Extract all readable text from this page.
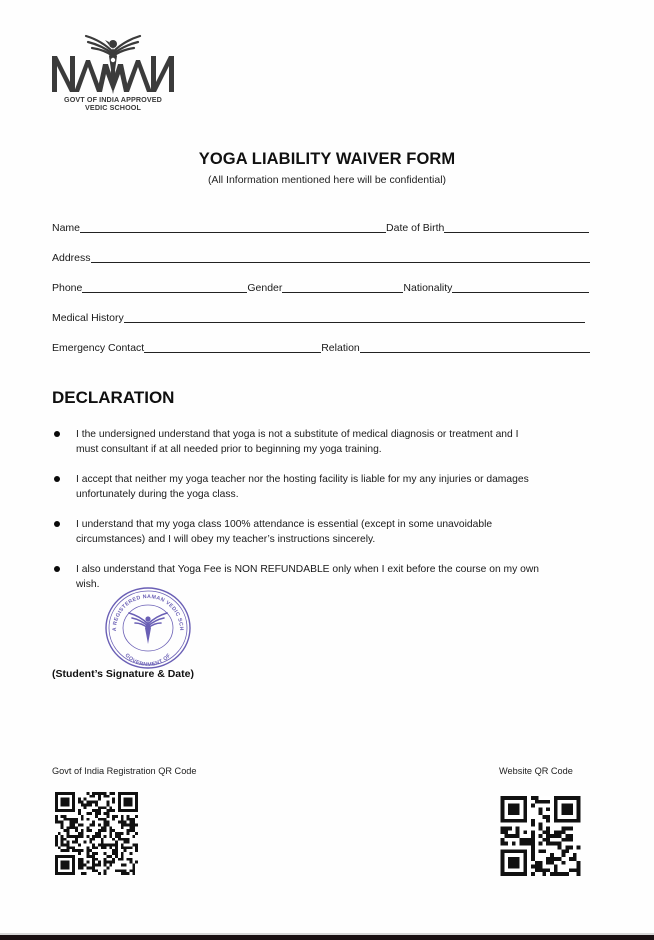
GOVT OF INDIA APPROVED
VEDIC SCHOOL
YOGA LIABILITY WAIVER FORM
(All Information mentioned here will be confidential)
Name	Date of Birth
Address
Phone	Gender	Nationality
Medical History
Emergency Contact	Relation
DECLARATION
I the undersigned understand that yoga is not a substitute of medical diagnosis or treatment and I
must consultant if at all needed prior to beginning my yoga training.
I accept that neither my yoga teacher nor the hosting facility is liable for my any injuries or damages
unfortunately during the yoga class.
I understand that my yoga class 100% attendance is essential (except in some unavoidable
circumstances) and I will obey my teacher’s instructions sincerely.
I also understand that Yoga Fee is NON REFUNDABLE only when I exit before the course on my own
wish.
A REGISTERED NAMAN VEDIC SCH
GOVERNMENT OF
(Student’s Signature & Date)
Govt of India Registration QR Code	Website QR Code
